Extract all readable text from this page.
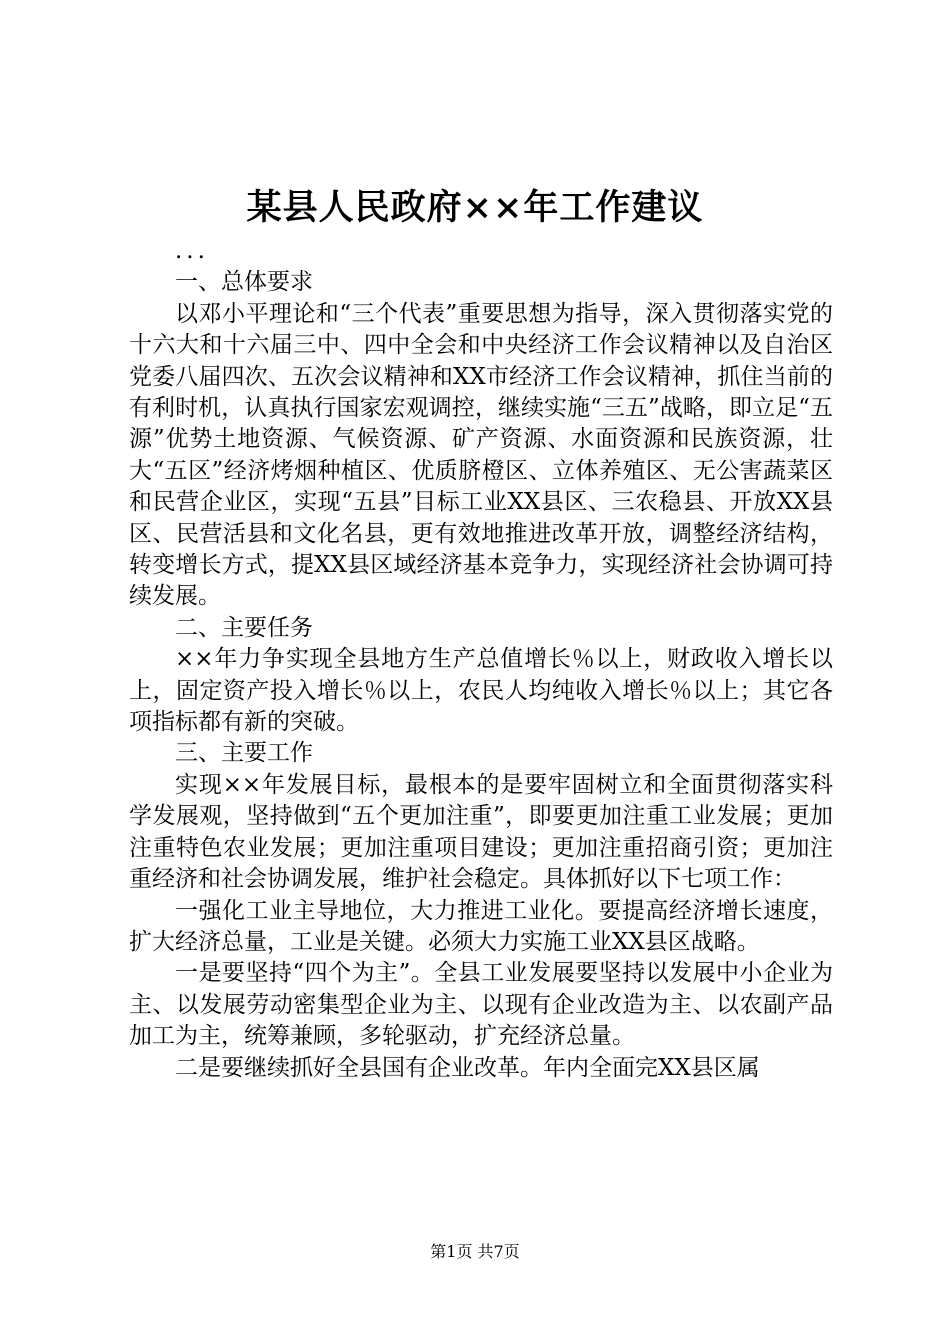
某县人民政府××年工作建议

...

一、总体要求

以邓小平理论和“三个代表”重要思想为指导，深入贯彻落实党的十六大和十六届三中、四中全会和中央经济工作会议精神以及自治区党委八届四次、五次会议精神和XX市经济工作会议精神，抓住当前的有利时机，认真执行国家宏观调控，继续实施“三五”战略，即立足“五源”优势土地资源、气候资源、矿产资源、水面资源和民族资源，壮大“五区”经济烤烟种植区、优质脐橙区、立体养殖区、无公害蔬菜区和民营企业区，实现“五县”目标工业XX县区、三农稳县、开放XX县区、民营活县和文化名县，更有效地推进改革开放，调整经济结构，转变增长方式，提XX县区域经济基本竞争力，实现经济社会协调可持续发展。

二、主要任务

××年力争实现全县地方生产总值增长％以上，财政收入增长以上，固定资产投入增长％以上，农民人均纯收入增长％以上；其它各项指标都有新的突破。

三、主要工作

实现××年发展目标，最根本的是要牢固树立和全面贯彻落实科学发展观，坚持做到“五个更加注重”，即要更加注重工业发展；更加注重特色农业发展；更加注重项目建设；更加注重招商引资；更加注重经济和社会协调发展，维护社会稳定。具体抓好以下七项工作：

一强化工业主导地位，大力推进工业化。要提高经济增长速度，扩大经济总量，工业是关键。必须大力实施工业XX县区战略。

一是要坚持“四个为主”。全县工业发展要坚持以发展中小企业为主、以发展劳动密集型企业为主、以现有企业改造为主、以农副产品加工为主，统筹兼顾，多轮驱动，扩充经济总量。

二是要继续抓好全县国有企业改革。年内全面完XX县区属

第1页 共7页
